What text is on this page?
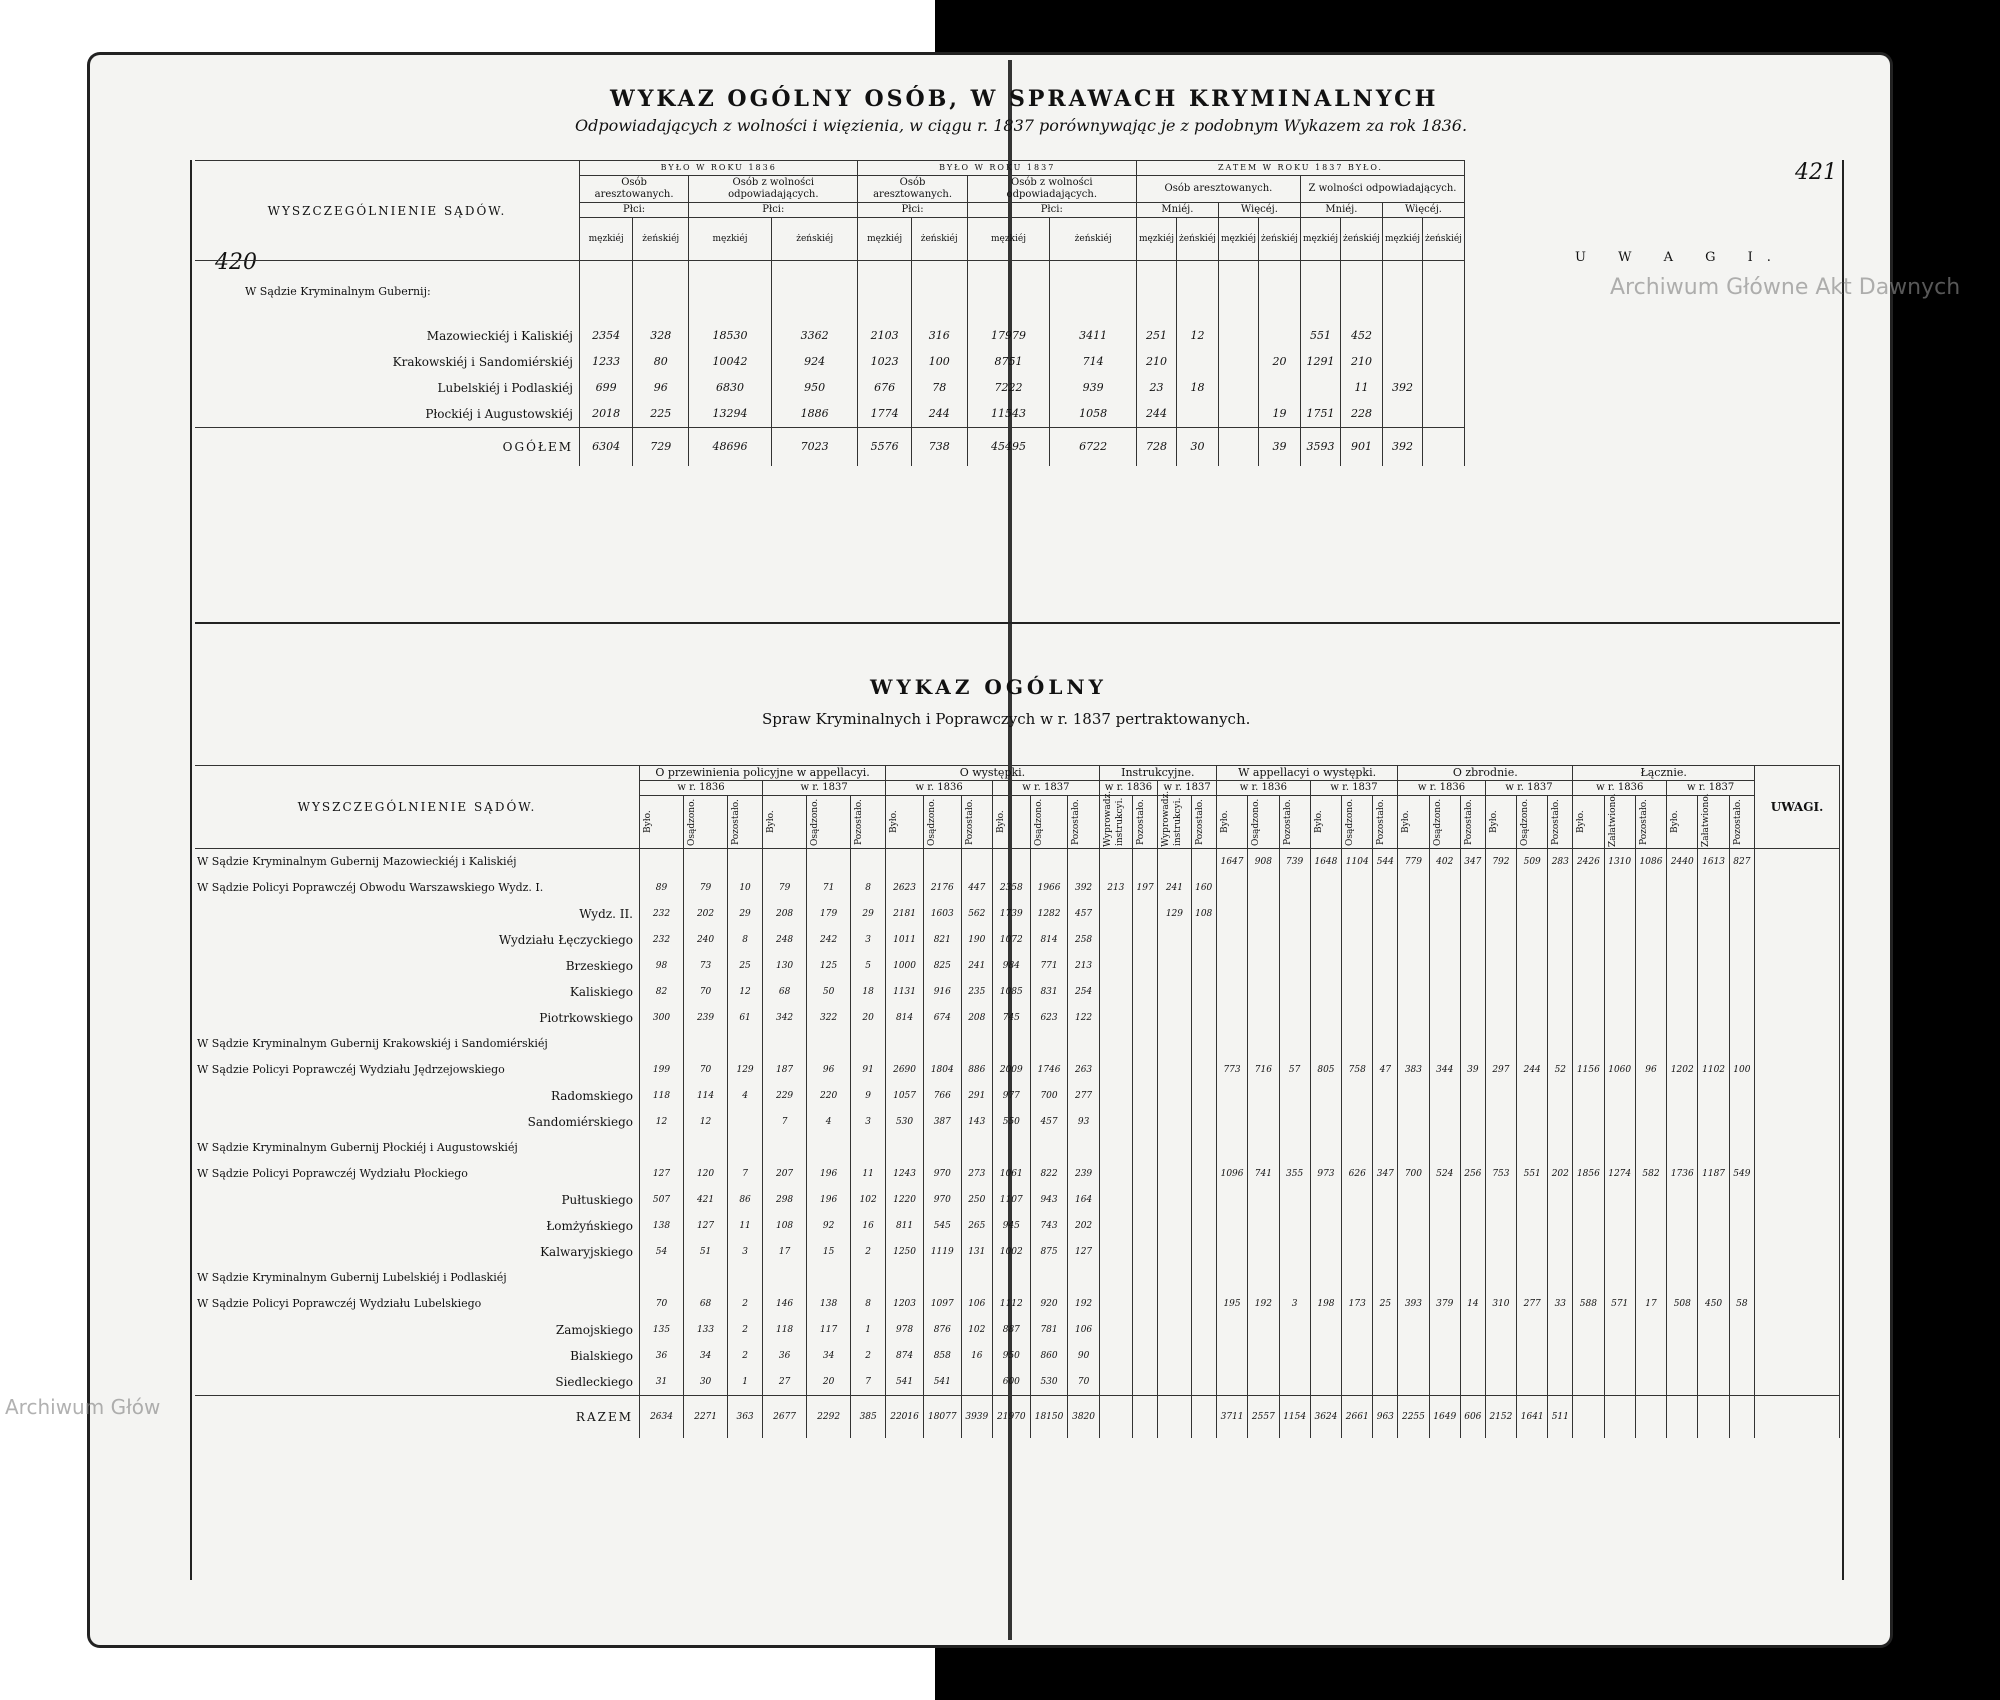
420
421
Archiwum Główne Akt Dawnych
Archiwum Głów
WYKAZ OGÓLNY OSÓB, W SPRAWACH KRYMINALNYCH
Odpowiadających z wolności i więzienia, w ciągu r. 1837 porównywając je z podobnym Wykazem za rok 1836.
WYSZCZEGÓLNIENIE SĄDÓW.	BYŁO W ROKU 1836				BYŁO W ROKU 1837				ZATEM W ROKU 1837 BYŁO.							
	Osób aresztowanych.		Osób z wolności odpowiadających.		Osób aresztowanych.		Osób z wolności odpowiadających.		Osób aresztowanych.				Z wolności odpowiadających.			
	Płci:		Płci:		Płci:		Płci:		Mniéj.		Więcéj.		Mniéj.		Więcéj.	
	męzkiéj	żeńskiéj	męzkiéj	żeńskiéj	męzkiéj	żeńskiéj	męzkiéj	żeńskiéj	męzkiéj	żeńskiéj	męzkiéj	żeńskiéj	męzkiéj	żeńskiéj	męzkiéj	żeńskiéj
W Sądzie Kryminalnym Gubernij:																
Mazowieckiéj i Kaliskiéj	2354	328	18530	3362	2103	316	17979	3411	251	12			551	452		
Krakowskiéj i Sandomiérskiéj	1233	80	10042	924	1023	100	8751	714	210			20	1291	210		
Lubelskiéj i Podlaskiéj	699	96	6830	950	676	78	7222	939	23	18				11	392	
Płockiéj i Augustowskiéj	2018	225	13294	1886	1774	244	11543	1058	244			19	1751	228		
OGÓŁEM	6304	729	48696	7023	5576	738	45495	6722	728	30		39	3593	901	392	
U W A G I.
WYKAZ OGÓLNY
Spraw Kryminalnych i Poprawczych w r. 1837 pertraktowanych.
WYSZCZEGÓLNIENIE SĄDÓW.	O przewinienia policyjne w appellacyi.						O występki.						Instrukcyjne.				W appellacyi o występki.						O zbrodnie.						Łącznie.						UWAGI.
	w r. 1836			w r. 1837			w r. 1836			w r. 1837			w r. 1836		w r. 1837		w r. 1836			w r. 1837			w r. 1836			w r. 1837			w r. 1836			w r. 1837			

	Było.	Osądzono.	Pozostało.	Było.	Osądzono.	Pozostało.	Było.	Osądzono.	Pozostało.	Było.	Osądzono.	Pozostało.	Wyprowadz. instrukcyi.	Pozostało.	Wyprowadz. instrukcyi.	Pozostało.	Było.	Osądzono.	Pozostało.	Było.	Osądzono.	Pozostało.	Było.	Osądzono.	Pozostało.	Było.	Osądzono.	Pozostało.	Było.	Załatwiono.	Pozostało.	Było.	Załatwiono.	Pozostało.	

W Sądzie Kryminalnym Gubernij Mazowieckiéj i Kaliskiéj																	1647	908	739	1648	1104	544	779	402	347	792	509	283	2426	1310	1086	2440	1613	827	
W Sądzie Policyi Poprawczéj Obwodu Warszawskiego Wydz. I.	89	79	10	79	71	8	2623	2176	447	2358	1966	392	213	197	241	160																			
Wydz. II.	232	202	29	208	179	29	2181	1603	562	1739	1282	457			129	108																			
Wydziału Łęczyckiego	232	240	8	248	242	3	1011	821	190	1072	814	258																							
Brzeskiego	98	73	25	130	125	5	1000	825	241	984	771	213																							
Kaliskiego	82	70	12	68	50	18	1131	916	235	1085	831	254																							
Piotrkowskiego	300	239	61	342	322	20	814	674	208	745	623	122																							
W Sądzie Kryminalnym Gubernij Krakowskiéj i Sandomiérskiéj																																			
W Sądzie Policyi Poprawczéj Wydziału Jędrzejowskiego	199	70	129	187	96	91	2690	1804	886	2009	1746	263					773	716	57	805	758	47	383	344	39	297	244	52	1156	1060	96	1202	1102	100	
Radomskiego	118	114	4	229	220	9	1057	766	291	977	700	277																							
Sandomiérskiego	12	12		7	4	3	530	387	143	550	457	93																							
W Sądzie Kryminalnym Gubernij Płockiéj i Augustowskiéj																																			
W Sądzie Policyi Poprawczéj Wydziału Płockiego	127	120	7	207	196	11	1243	970	273	1061	822	239					1096	741	355	973	626	347	700	524	256	753	551	202	1856	1274	582	1736	1187	549	
Pułtuskiego	507	421	86	298	196	102	1220	970	250	1107	943	164																							
Łomżyńskiego	138	127	11	108	92	16	811	545	265	945	743	202																							
Kalwaryjskiego	54	51	3	17	15	2	1250	1119	131	1002	875	127																							
W Sądzie Kryminalnym Gubernij Lubelskiéj i Podlaskiéj																																			
W Sądzie Policyi Poprawczéj Wydziału Lubelskiego	70	68	2	146	138	8	1203	1097	106	1112	920	192					195	192	3	198	173	25	393	379	14	310	277	33	588	571	17	508	450	58	
Zamojskiego	135	133	2	118	117	1	978	876	102	887	781	106																							
Bialskiego	36	34	2	36	34	2	874	858	16	950	860	90																							
Siedleckiego	31	30	1	27	20	7	541	541		600	530	70																							
RAZEM	2634	2271	363	2677	2292	385	22016	18077	3939	21970	18150	3820					3711	2557	1154	3624	2661	963	2255	1649	606	2152	1641	511							
